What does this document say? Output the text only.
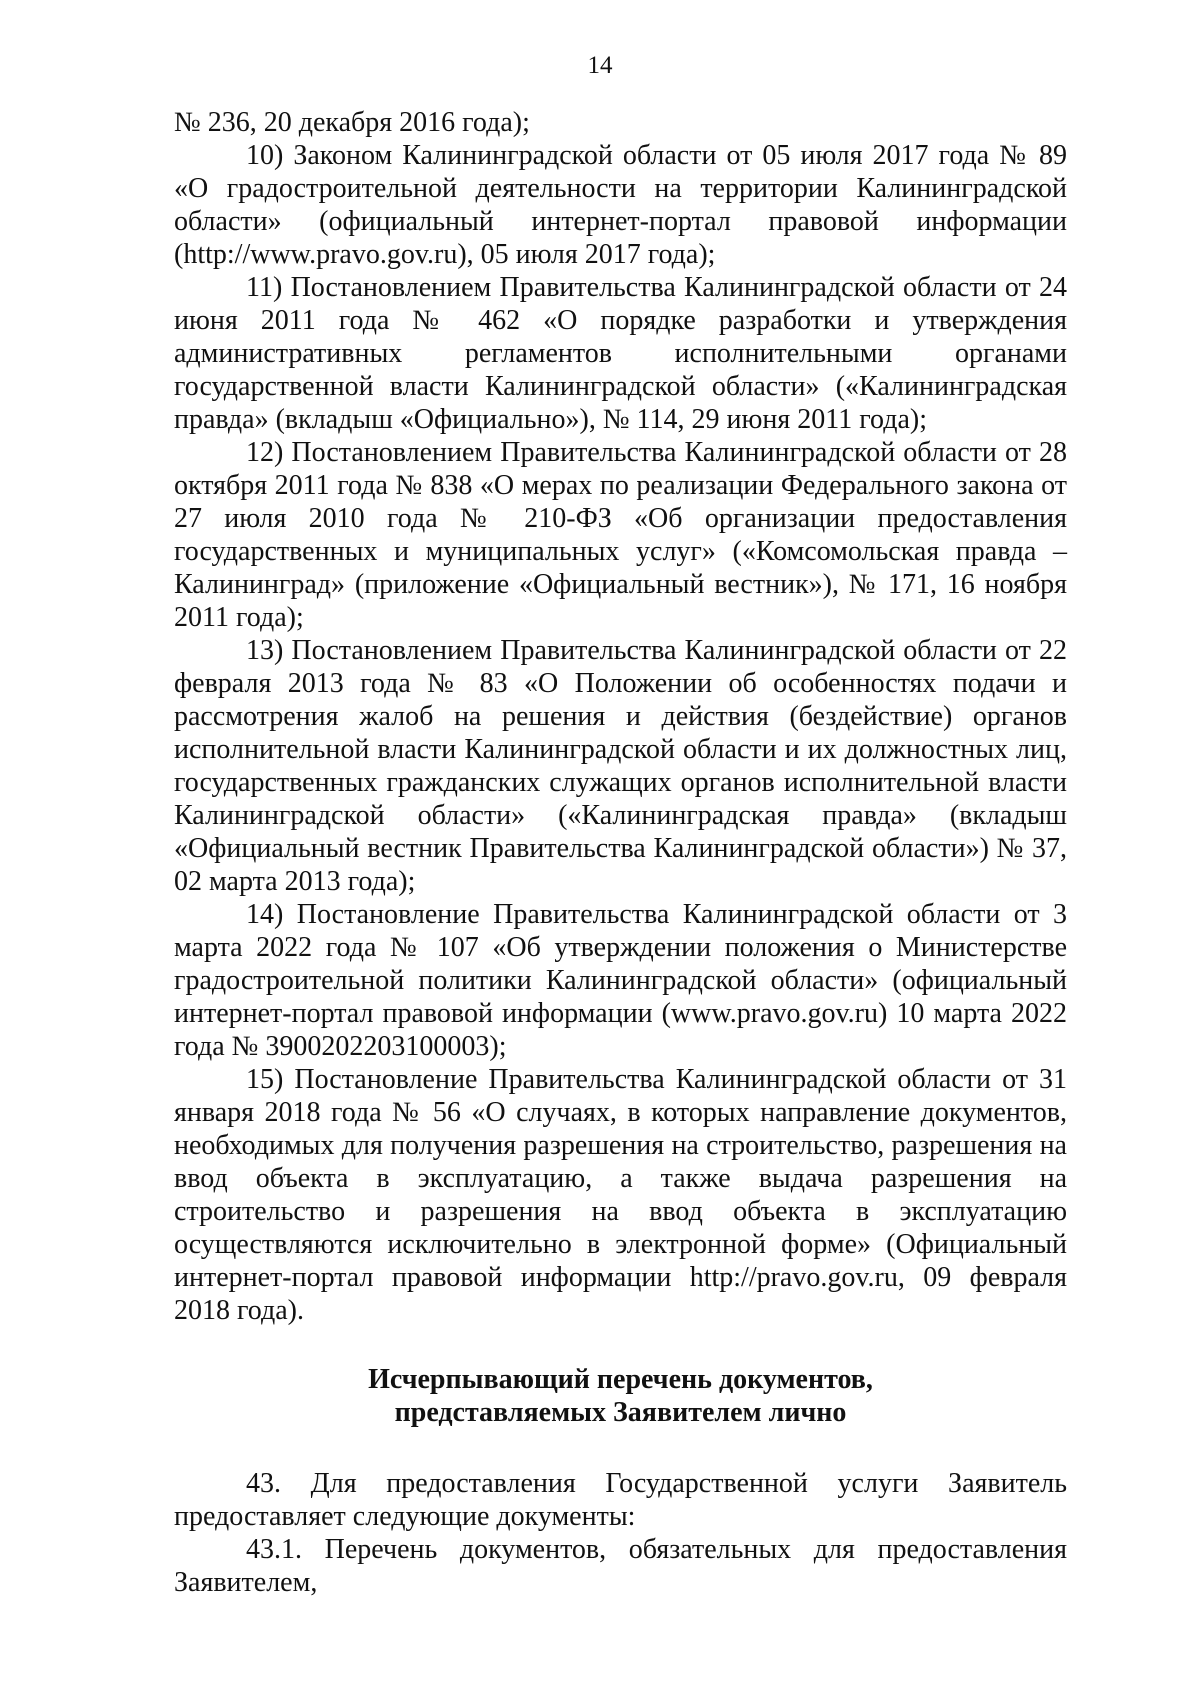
14

№ 236, 20 декабря 2016 года);

10) Законом Калининградской области от 05 июля 2017 года № 89 «О градостроительной деятельности на территории Калининградской области» (официальный интернет-портал правовой информации (http://www.pravo.gov.ru), 05 июля 2017 года);

11) Постановлением Правительства Калининградской области от 24 июня 2011 года № 462 «О порядке разработки и утверждения административных регламентов исполнительными органами государственной власти Калининградской области» («Калининградская правда» (вкладыш «Официально»), № 114, 29 июня 2011 года);

12) Постановлением Правительства Калининградской области от 28 октября 2011 года № 838 «О мерах по реализации Федерального закона от 27 июля 2010 года № 210-ФЗ «Об организации предоставления государственных и муниципальных услуг» («Комсомольская правда – Калининград» (приложение «Официальный вестник»), № 171, 16 ноября 2011 года);

13) Постановлением Правительства Калининградской области от 22 февраля 2013 года № 83 «О Положении об особенностях подачи и рассмотрения жалоб на решения и действия (бездействие) органов исполнительной власти Калининградской области и их должностных лиц, государственных гражданских служащих органов исполнительной власти Калининградской области» («Калининградская правда» (вкладыш «Официальный вестник Правительства Калининградской области») № 37, 02 марта 2013 года);

14) Постановление Правительства Калининградской области от 3 марта 2022 года № 107 «Об утверждении положения о Министерстве градостроительной политики Калининградской области» (официальный интернет-портал правовой информации (www.pravo.gov.ru) 10 марта 2022 года № 3900202203100003);

15) Постановление Правительства Калининградской области от 31 января 2018 года № 56 «О случаях, в которых направление документов, необходимых для получения разрешения на строительство, разрешения на ввод объекта в эксплуатацию, а также выдача разрешения на строительство и разрешения на ввод объекта в эксплуатацию осуществляются исключительно в электронной форме» (Официальный интернет-портал правовой информации http://pravo.gov.ru, 09 февраля 2018 года).

Исчерпывающий перечень документов,
представляемых Заявителем лично

43. Для предоставления Государственной услуги Заявитель предоставляет следующие документы:

43.1. Перечень документов, обязательных для предоставления Заявителем,
